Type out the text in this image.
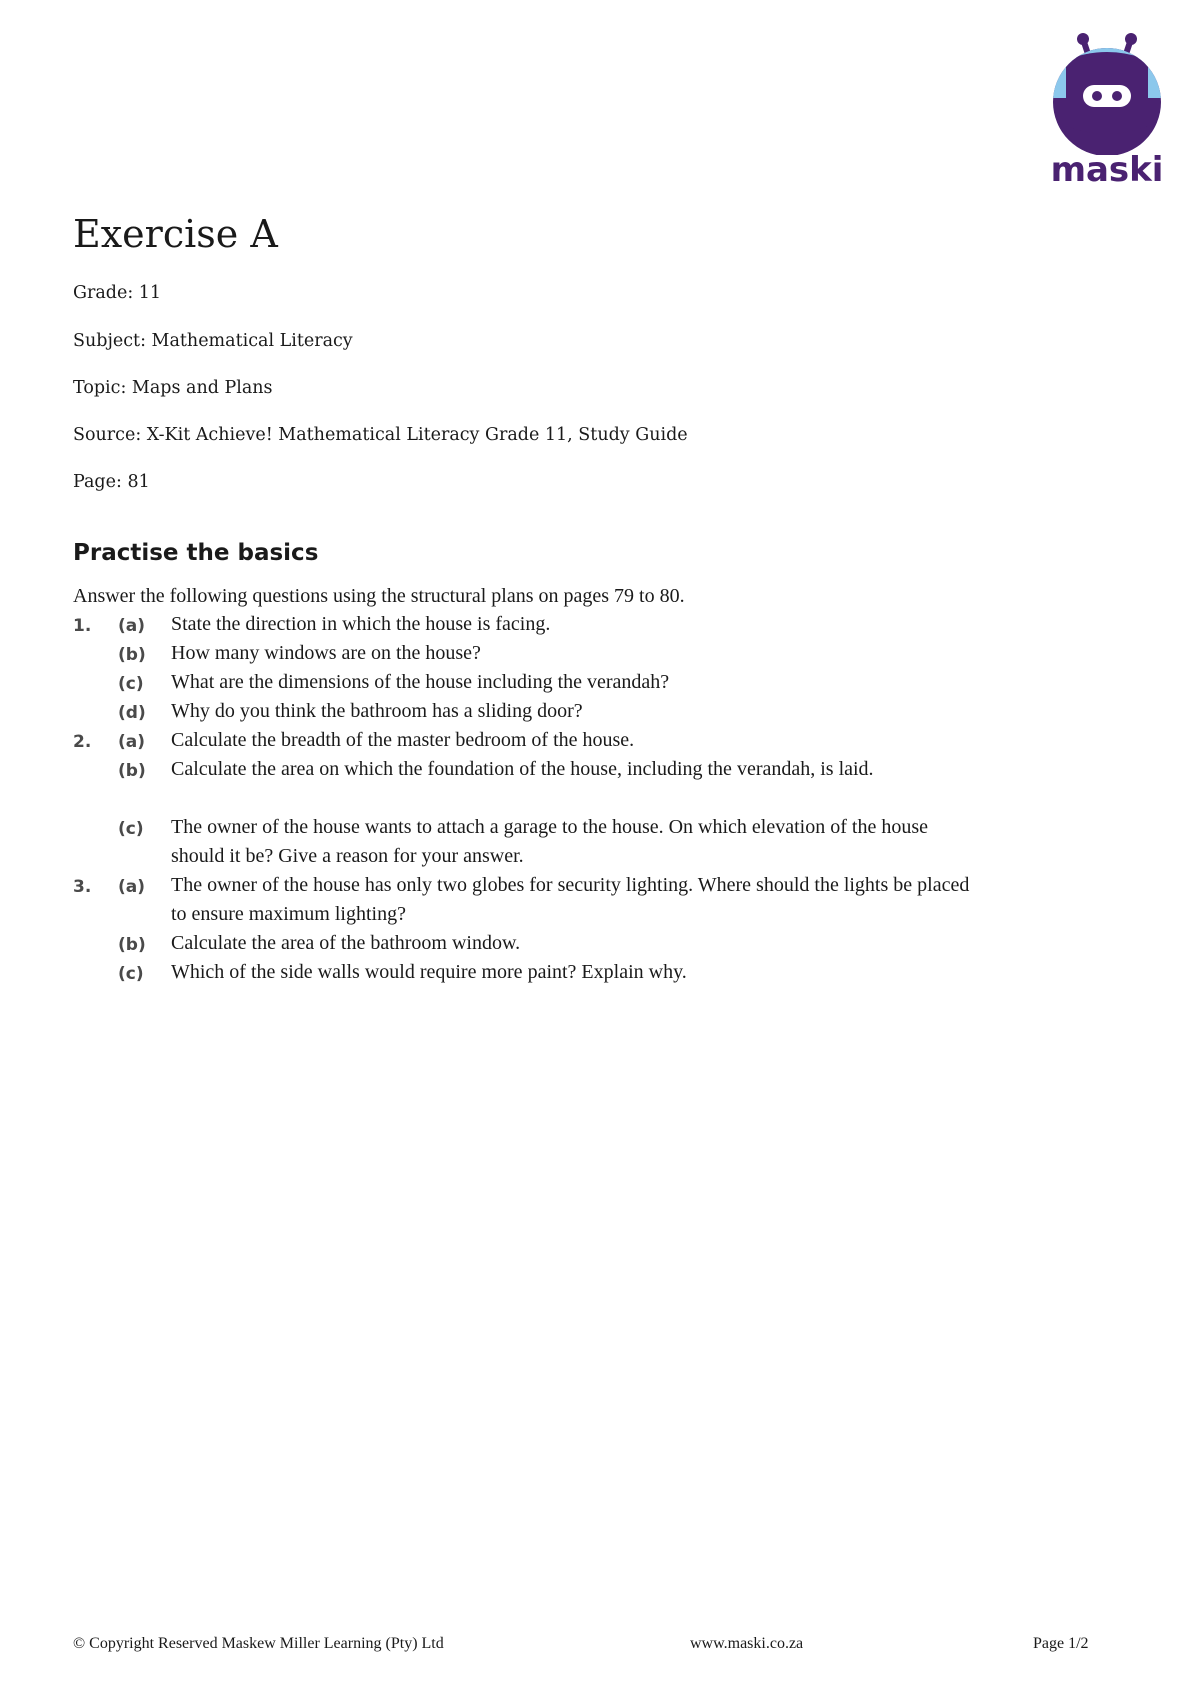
maski
Exercise A

Grade: 11

Subject: Mathematical Literacy

Topic: Maps and Plans

Source: X-Kit Achieve! Mathematical Literacy Grade 11, Study Guide

Page: 81

Practise the basics

Answer the following questions using the structural plans on pages 79 to 80.

1. (a) State the direction in which the house is facing.
(b) How many windows are on the house?
(c) What are the dimensions of the house including the verandah?
(d) Why do you think the bathroom has a sliding door?
2. (a) Calculate the breadth of the master bedroom of the house.
(b) Calculate the area on which the foundation of the house, including the verandah, is laid.
(c) The owner of the house wants to attach a garage to the house. On which elevation of the house should it be? Give a reason for your answer.
3. (a) The owner of the house has only two globes for security lighting. Where should the lights be placed to ensure maximum lighting?
(b) Calculate the area of the bathroom window.
(c) Which of the side walls would require more paint? Explain why.
© Copyright Reserved Maskew Miller Learning (Pty) Ltd	www.maski.co.za	Page 1/2
